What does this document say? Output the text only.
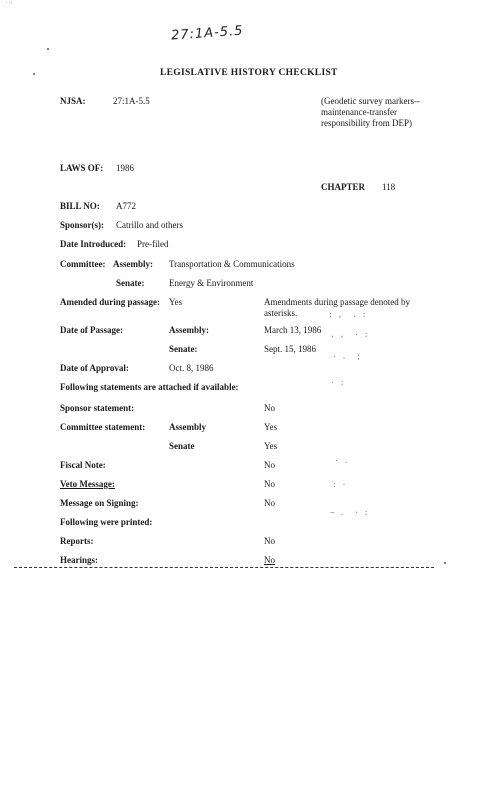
' ' '
27:1A-5.5
LEGISLATIVE HISTORY CHECKLIST
NJSA:	27:1A-5.5	(Geodetic survey markers--maintenance-transfer responsibility from DEP)
LAWS OF: 1986
CHAPTER 118
BILL NO: A772
Sponsor(s): Catrillo and others
Date Introduced: Pre-filed
Committee: Assembly: Transportation & Communications
Senate:	Energy & Environment
Amended during passage: Yes	Amendments during passage denoted by asterisks.
Date of Passage:	Assembly:	March 13, 1986
Senate:	Sept. 15, 1986
Date of Approval:	Oct. 8, 1986
Following statements are attached if available:
Sponsor statement:	No
Committee statement:	Assembly	Yes
Senate	Yes
Fiscal Note:	No
Veto Message:	No
Message on Signing:	No
Following were printed:
Reports:	No
Hearings:	No
; ,  . :
. ,  · :
· .  ;
· :
· .
: ·
~ .  · :
